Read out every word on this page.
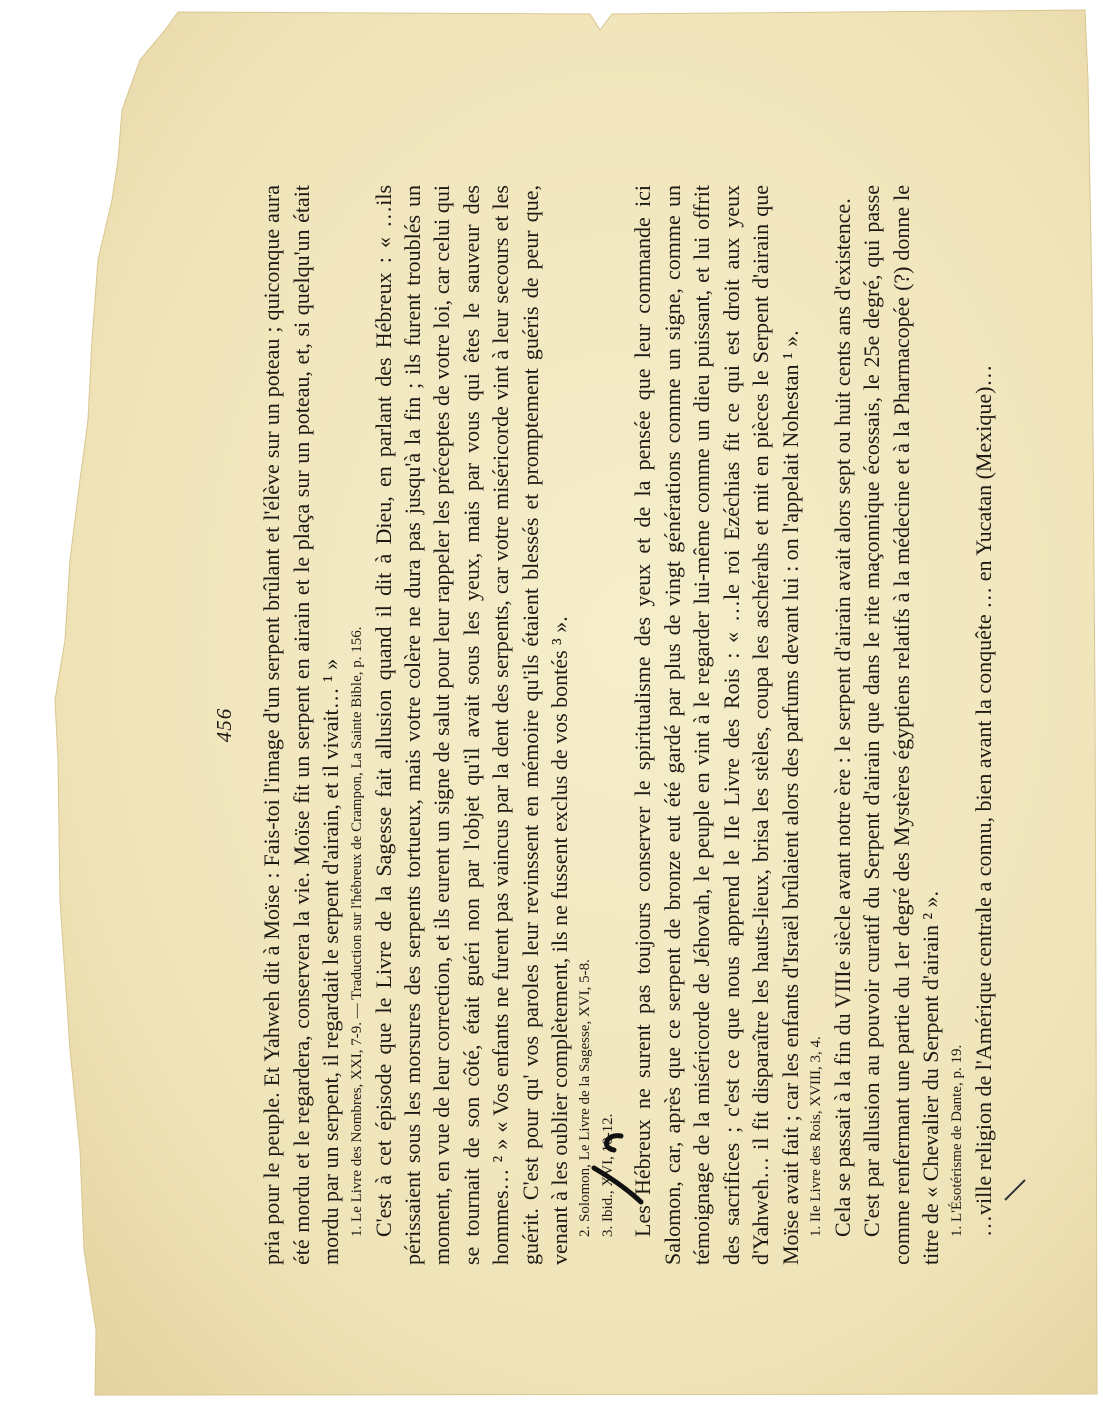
456 pria pour le peuple. Et Yahweh dit à Moïse : Fais-toi l'image d'un serpent brûlant et l'élève sur un poteau ; quiconque aura été mordu et le regardera, conservera la vie. Moïse fit un serpent en airain et le plaça sur un poteau, et, si quelqu'un était mordu par un serpent, il regardait le serpent d'airain, et il vivait… ¹ » 1. Le Livre des Nombres, XXI, 7-9. — Traduction sur l'hébreux de Crampon, La Sainte Bible, p. 156. C'est à cet épisode que le Livre de la Sagesse fait allusion quand il dit à Dieu, en parlant des Hébreux : « …ils périssaient sous les morsures des serpents tortueux, mais votre colère ne dura pas jusqu'à la fin ; ils furent troublés un moment, en vue de leur correction, et ils eurent un signe de salut pour leur rappeler les préceptes de votre loi, car celui qui se tournait de son côté, était guéri non par l'objet qu'il avait sous les yeux, mais par vous qui êtes le sauveur des hommes… ² » « Vos enfants ne furent pas vaincus par la dent des serpents, car votre miséricorde vint à leur secours et les guérit. C'est pour qu' vos paroles leur revinssent en mémoire qu'ils étaient blessés et promptement guéris de peur que, venant à les oublier complètement, ils ne fussent exclus de vos bontés ³ ». 2. Solomon, Le Livre de la Sagesse, XVI, 5-8. 3. Ibid., XVI, 10-12. Les Hébreux ne surent pas toujours conserver le spiritualisme des yeux et de la pensée que leur commande ici Salomon, car, après que ce serpent de bronze eut été gardé par plus de vingt générations comme un signe, comme un témoignage de la miséricorde de Jéhovah, le peuple en vint à le regarder lui-même comme un dieu puissant, et lui offrit des sacrifices ; c'est ce que nous apprend le IIe Livre des Rois : « …le roi Ezéchias fit ce qui est droit aux yeux d'Yahweh… il fit disparaître les hauts-lieux, brisa les stèles, coupa les aschérahs et mit en pièces le Serpent d'airain que Moïse avait fait ; car les enfants d'Israël brûlaient alors des parfums devant lui : on l'appelait Nohestan ¹ ». 1. IIe Livre des Rois, XVIII, 3, 4. Cela se passait à la fin du VIIIe siècle avant notre ère : le serpent d'airain avait alors sept ou huit cents ans d'existence. C'est par allusion au pouvoir curatif du Serpent d'airain que dans le rite maçonnique écossais, le 25e degré, qui passe comme renfermant une partie du 1er degré des Mystères égyptiens relatifs à la médecine et à la Pharmacopée (?) donne le titre de « Chevalier du Serpent d'airain ² ». 1. L'Ésotérisme de Dante, p. 19. …ville religion de l'Amérique centrale a connu, bien avant la conquête … en Yucatan (Mexique)…
